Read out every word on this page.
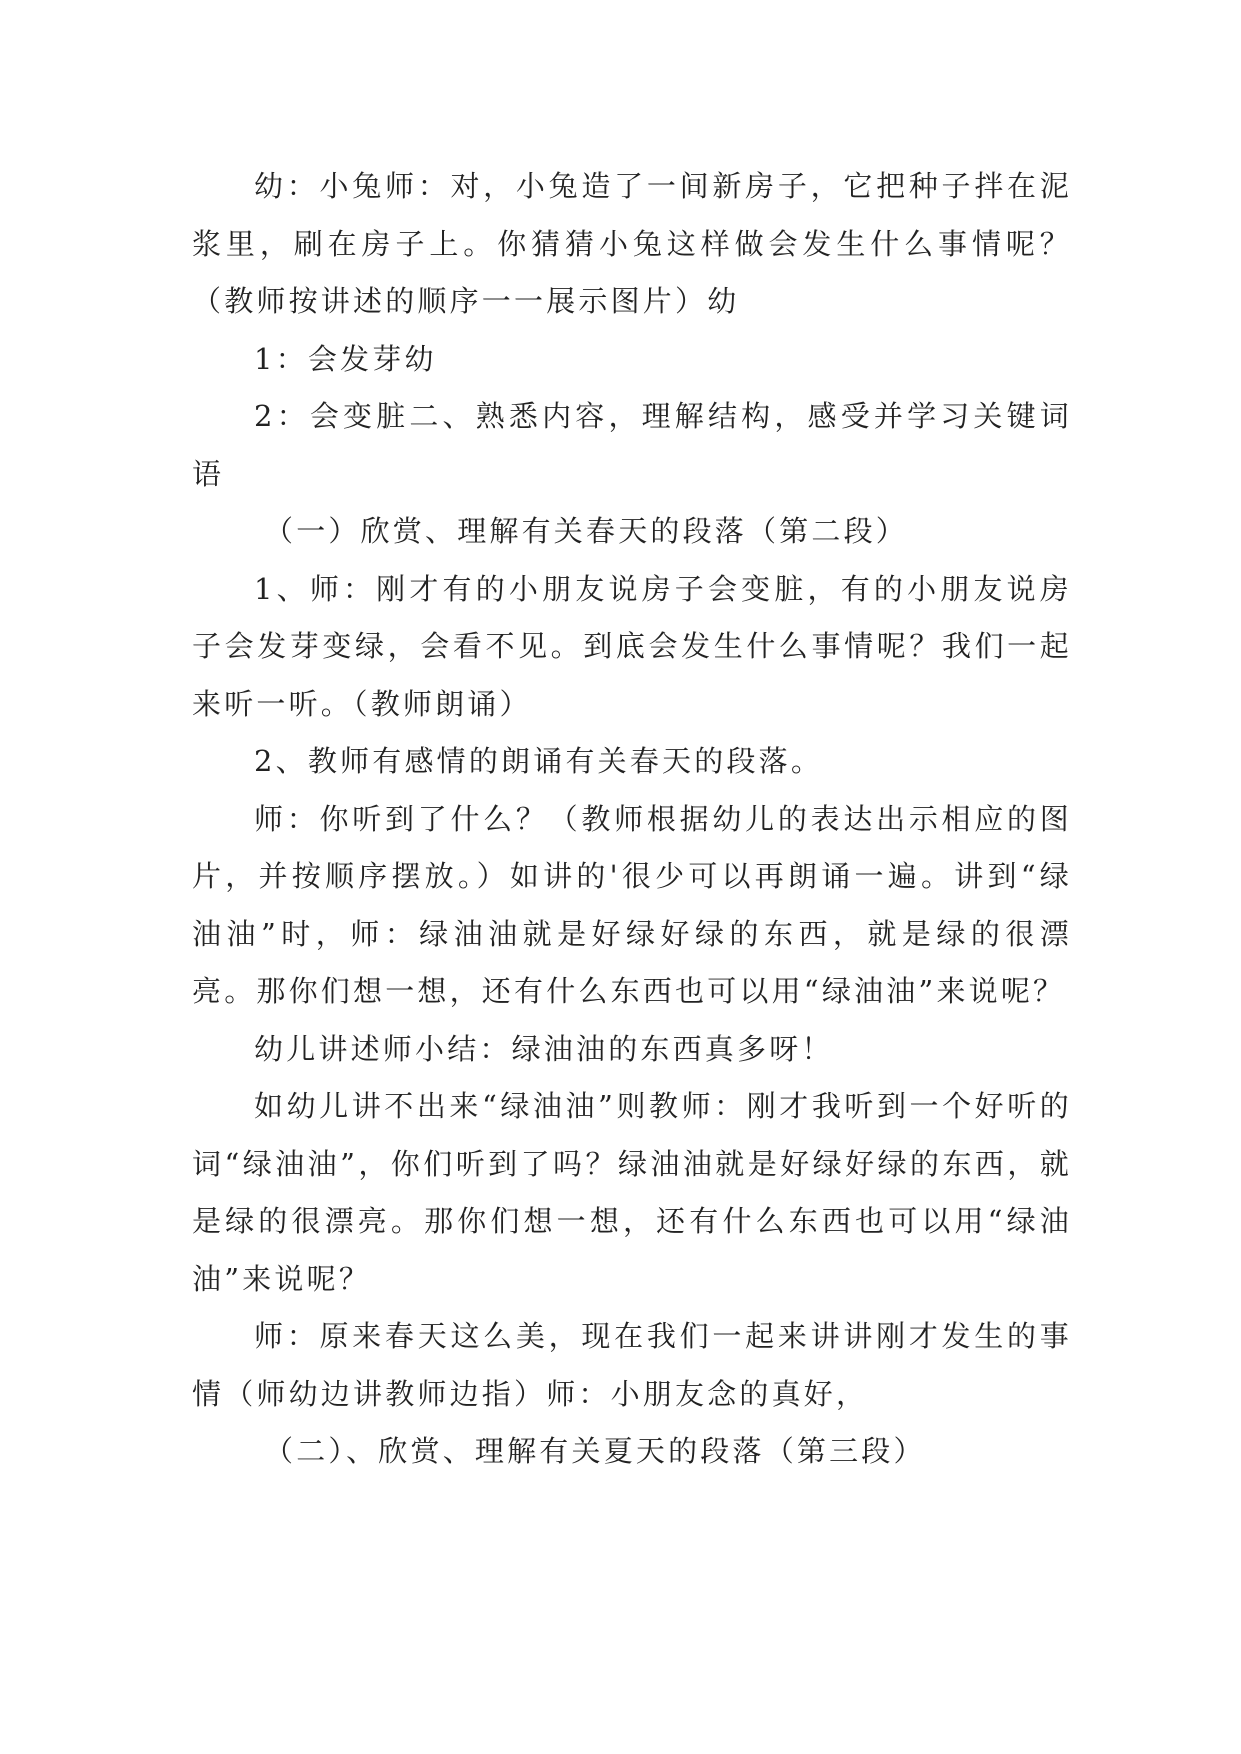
幼：小兔师：对，小兔造了一间新房子，它把种子拌在泥浆里，刷在房子上。你猜猜小兔这样做会发生什么事情呢？（教师按讲述的顺序一一展示图片）幼

1：会发芽幼

2：会变脏二、熟悉内容，理解结构，感受并学习关键词语

（一）欣赏、理解有关春天的段落（第二段）

1、师：刚才有的小朋友说房子会变脏，有的小朋友说房子会发芽变绿，会看不见。到底会发生什么事情呢？我们一起来听一听。（教师朗诵）

2、教师有感情的朗诵有关春天的段落。

师：你听到了什么？（教师根据幼儿的表达出示相应的图片，并按顺序摆放。）如讲的'很少可以再朗诵一遍。讲到“绿油油”时，师：绿油油就是好绿好绿的东西，就是绿的很漂亮。那你们想一想，还有什么东西也可以用“绿油油”来说呢？

幼儿讲述师小结：绿油油的东西真多呀！

如幼儿讲不出来“绿油油”则教师：刚才我听到一个好听的词“绿油油”，你们听到了吗？绿油油就是好绿好绿的东西，就是绿的很漂亮。那你们想一想，还有什么东西也可以用“绿油油”来说呢？

师：原来春天这么美，现在我们一起来讲讲刚才发生的事情（师幼边讲教师边指）师：小朋友念的真好，

（二）、欣赏、理解有关夏天的段落（第三段）
